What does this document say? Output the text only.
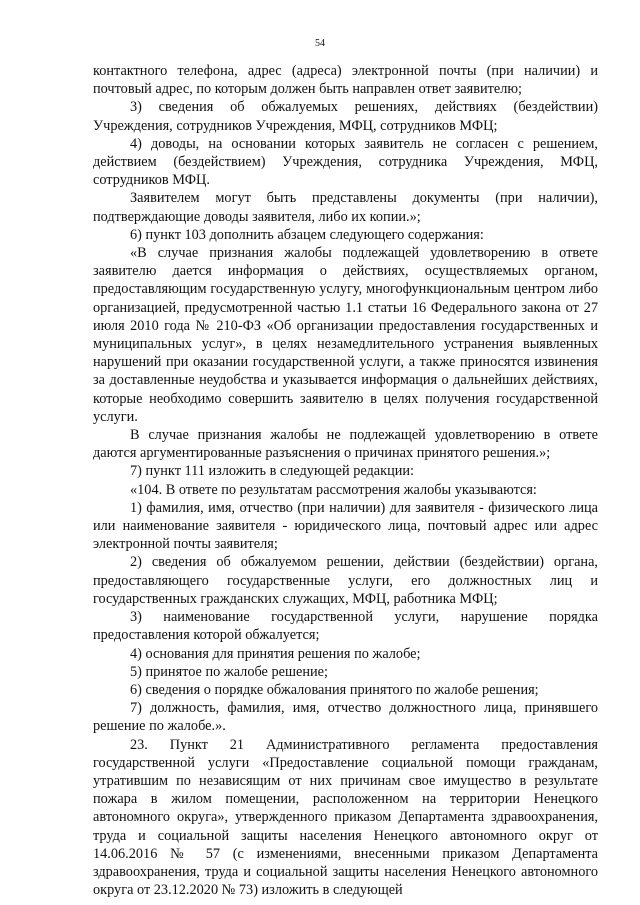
54

контактного телефона, адрес (адреса) электронной почты (при наличии) и почтовый адрес, по которым должен быть направлен ответ заявителю;

3) сведения об обжалуемых решениях, действиях (бездействии) Учреждения, сотрудников Учреждения, МФЦ, сотрудников МФЦ;

4) доводы, на основании которых заявитель не согласен с решением, действием (бездействием) Учреждения, сотрудника Учреждения, МФЦ, сотрудников МФЦ.

Заявителем могут быть представлены документы (при наличии), подтверждающие доводы заявителя, либо их копии.»;

6) пункт 103 дополнить абзацем следующего содержания:

«В случае признания жалобы подлежащей удовлетворению в ответе заявителю дается информация о действиях, осуществляемых органом, предоставляющим государственную услугу, многофункциональным центром либо организацией, предусмотренной частью 1.1 статьи 16 Федерального закона от 27 июля 2010 года № 210-ФЗ «Об организации предоставления государственных и муниципальных услуг», в целях незамедлительного устранения выявленных нарушений при оказании государственной услуги, а также приносятся извинения за доставленные неудобства и указывается информация о дальнейших действиях, которые необходимо совершить заявителю в целях получения государственной услуги.

В случае признания жалобы не подлежащей удовлетворению в ответе даются аргументированные разъяснения о причинах принятого решения.»;

7) пункт 111 изложить в следующей редакции:

«104. В ответе по результатам рассмотрения жалобы указываются:

1) фамилия, имя, отчество (при наличии) для заявителя - физического лица или наименование заявителя - юридического лица, почтовый адрес или адрес электронной почты заявителя;

2) сведения об обжалуемом решении, действии (бездействии) органа, предоставляющего государственные услуги, его должностных лиц и государственных гражданских служащих, МФЦ, работника МФЦ;

3) наименование государственной услуги, нарушение порядка предоставления которой обжалуется;

4) основания для принятия решения по жалобе;

5) принятое по жалобе решение;

6) сведения о порядке обжалования принятого по жалобе решения;

7) должность, фамилия, имя, отчество должностного лица, принявшего решение по жалобе.».

23. Пункт 21 Административного регламента предоставления государственной услуги «Предоставление социальной помощи гражданам, утратившим по независящим от них причинам свое имущество в результате пожара в жилом помещении, расположенном на территории Ненецкого автономного округа», утвержденного приказом Департамента здравоохранения, труда и социальной защиты населения Ненецкого автономного округ от 14.06.2016 № 57 (с изменениями, внесенными приказом Департамента здравоохранения, труда и социальной защиты населения Ненецкого автономного округа от 23.12.2020 № 73) изложить в следующей
